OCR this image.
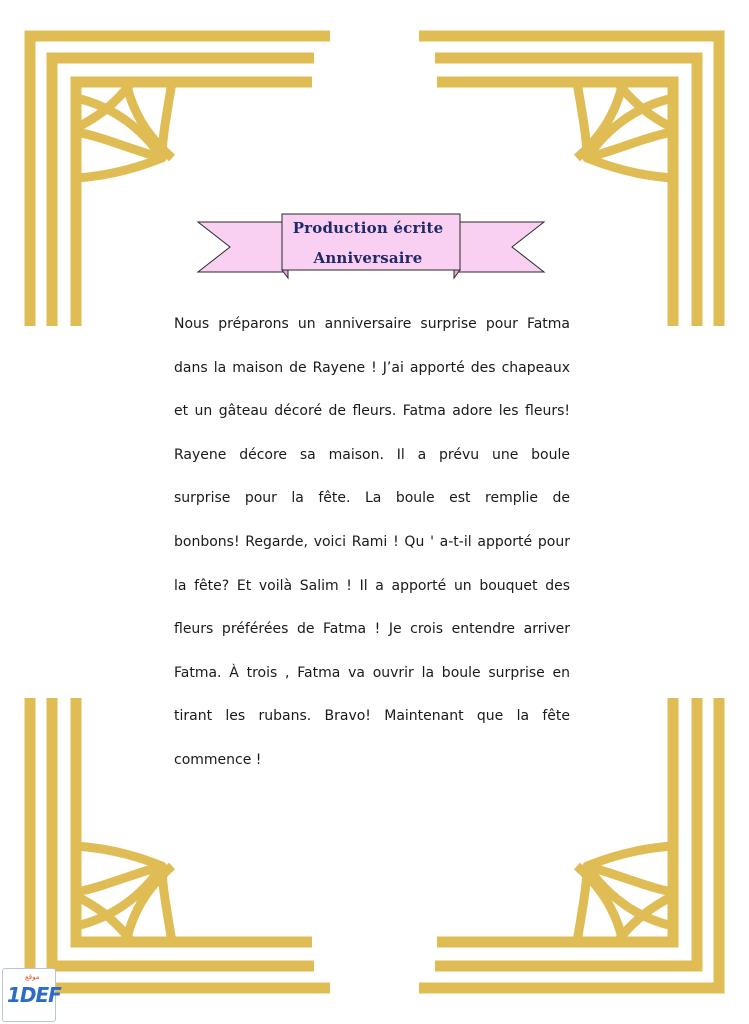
Production écrite
Anniversaire
Nous préparons un anniversaire surprise pour Fatma
dans la maison de Rayene ! J’ai apporté des chapeaux
et un gâteau décoré de fleurs. Fatma adore les fleurs!
Rayene décore sa maison. Il a prévu une boule
surprise pour la fête. La boule est remplie de
bonbons! Regarde, voici Rami ! Qu ' a-t-il apporté pour
la fête? Et voilà Salim ! Il a apporté un bouquet des
fleurs préférées de Fatma ! Je crois entendre arriver
Fatma. À trois , Fatma va ouvrir la boule surprise en
tirant les rubans. Bravo! Maintenant que la fête
commence !
موقع
1DEF
